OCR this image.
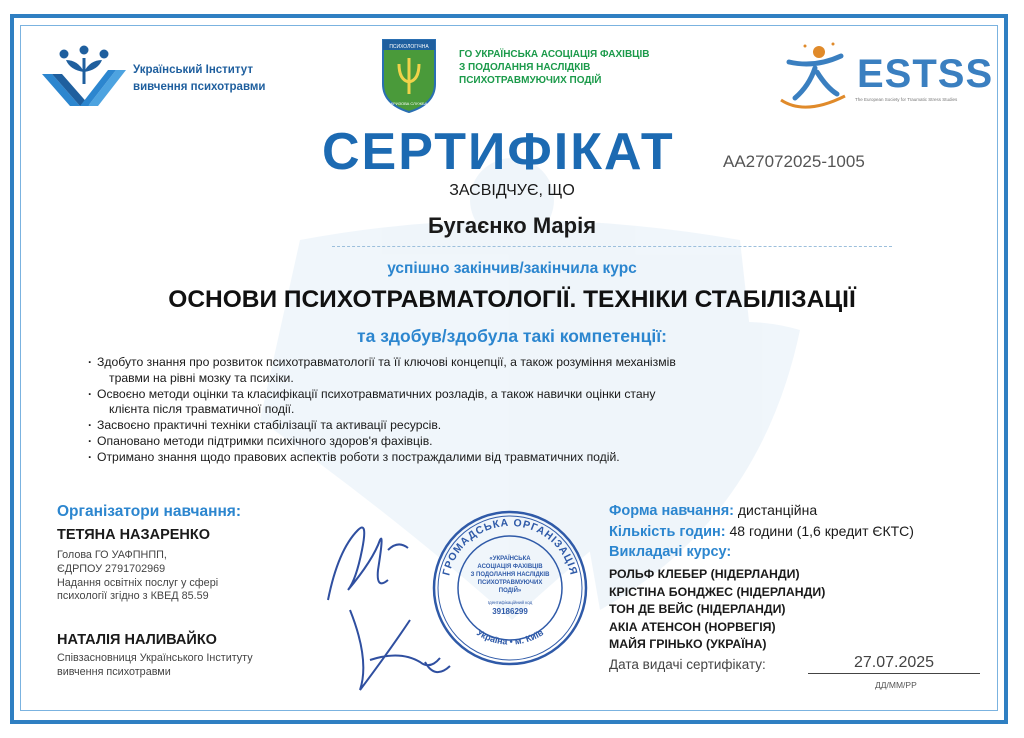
Український Інститут
вивчення психотравми
ПСИХОЛОГІЧНА
КРИЗОВА СЛУЖБА
ГО УКРАЇНСЬКА АСОЦІАЦІЯ ФАХІВЦІВ
З ПОДОЛАННЯ НАСЛІДКІВ
ПСИХОТРАВМУЮЧИХ ПОДІЙ	ESTSS
The European Society for Traumatic Stress Studies
СЕРТИФІКАТ	AA27072025-1005
ЗАСВІДЧУЄ, ЩО
Бугаєнко Марія
успішно закінчив/закінчила курс
ОСНОВИ ПСИХОТРАВМАТОЛОГІЇ. ТЕХНІКИ СТАБІЛІЗАЦІЇ
та здобув/здобула такі компетенції:
· Здобуто знання про розвиток психотравматології та її ключові концепції, а також розуміння механізмів
травми на рівні мозку та психіки.
· Освоєно методи оцінки та класифікації психотравматичних розладів, а також навички оцінки стану
клієнта після травматичної події.
· Засвоєно практичні техніки стабілізації та активації ресурсів.
· Опановано методи підтримки психічного здоров'я фахівців.
· Отримано знання щодо правових аспектів роботи з постраждалими від травматичних подій.
Організатори навчання:
ТЕТЯНА НАЗАРЕНКО
Голова ГО УАФПНПП,
ЄДРПОУ 2791702969
Надання освітніх послуг у сфері
психології згідно з КВЕД 85.59
НАТАЛІЯ НАЛИВАЙКО
Співзасновниця Українського Інституту
вивчення психотравми
ГРОМАДСЬКА ОРГАНІЗАЦІЯ
Україна • м. Київ
«УКРАЇНСЬКА
АСОЦІАЦІЯ ФАХІВЦІВ
З ПОДОЛАННЯ НАСЛІДКІВ
ПСИХОТРАВМУЮЧИХ
ПОДІЙ»
Ідентифікаційний код
39186299
Форма навчання: дистанційна
Кількість годин: 48 години (1,6 кредит ЄКТС)
Викладачі курсу:
РОЛЬФ КЛЕБЕР (НІДЕРЛАНДИ)
КРІСТІНА БОНДЖЕС (НІДЕРЛАНДИ)
ТОН ДЕ ВЕЙС (НІДЕРЛАНДИ)
АКІА АТЕНСОН (НОРВЕГІЯ)
МАЙЯ ГРІНЬКО (УКРАЇНА)
Дата видачі сертифікату:	27.07.2025
ДД/ММ/РР
